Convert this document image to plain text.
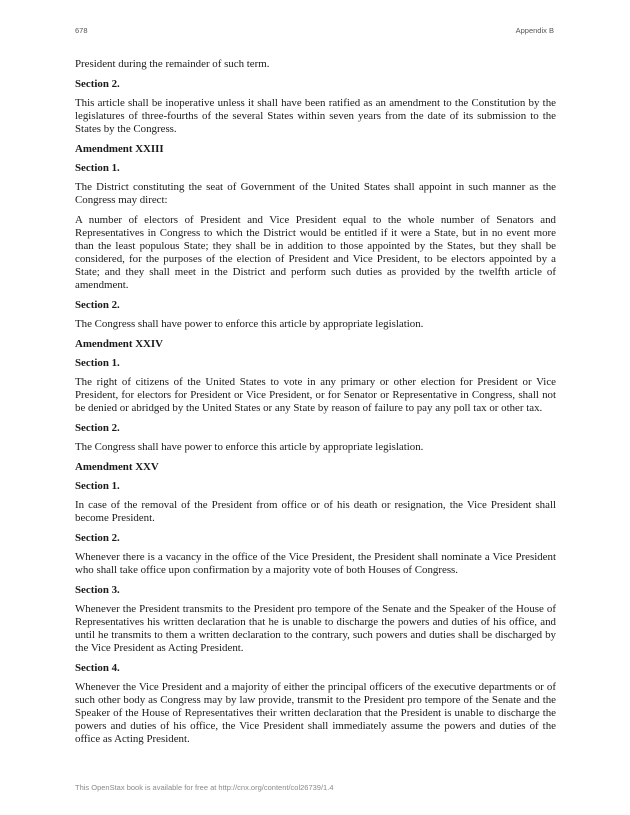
678	Appendix B

President during the remainder of such term.

Section 2.

This article shall be inoperative unless it shall have been ratified as an amendment to the Constitution by the legislatures of three-fourths of the several States within seven years from the date of its submission to the States by the Congress.

Amendment XXIII

Section 1.

The District constituting the seat of Government of the United States shall appoint in such manner as the Congress may direct:

A number of electors of President and Vice President equal to the whole number of Senators and Representatives in Congress to which the District would be entitled if it were a State, but in no event more than the least populous State; they shall be in addition to those appointed by the States, but they shall be considered, for the purposes of the election of President and Vice President, to be electors appointed by a State; and they shall meet in the District and perform such duties as provided by the twelfth article of amendment.

Section 2.

The Congress shall have power to enforce this article by appropriate legislation.

Amendment XXIV

Section 1.

The right of citizens of the United States to vote in any primary or other election for President or Vice President, for electors for President or Vice President, or for Senator or Representative in Congress, shall not be denied or abridged by the United States or any State by reason of failure to pay any poll tax or other tax.

Section 2.

The Congress shall have power to enforce this article by appropriate legislation.

Amendment XXV

Section 1.

In case of the removal of the President from office or of his death or resignation, the Vice President shall become President.

Section 2.

Whenever there is a vacancy in the office of the Vice President, the President shall nominate a Vice President who shall take office upon confirmation by a majority vote of both Houses of Congress.

Section 3.

Whenever the President transmits to the President pro tempore of the Senate and the Speaker of the House of Representatives his written declaration that he is unable to discharge the powers and duties of his office, and until he transmits to them a written declaration to the contrary, such powers and duties shall be discharged by the Vice President as Acting President.

Section 4.

Whenever the Vice President and a majority of either the principal officers of the executive departments or of such other body as Congress may by law provide, transmit to the President pro tempore of the Senate and the Speaker of the House of Representatives their written declaration that the President is unable to discharge the powers and duties of his office, the Vice President shall immediately assume the powers and duties of the office as Acting President.

This OpenStax book is available for free at http://cnx.org/content/col26739/1.4
